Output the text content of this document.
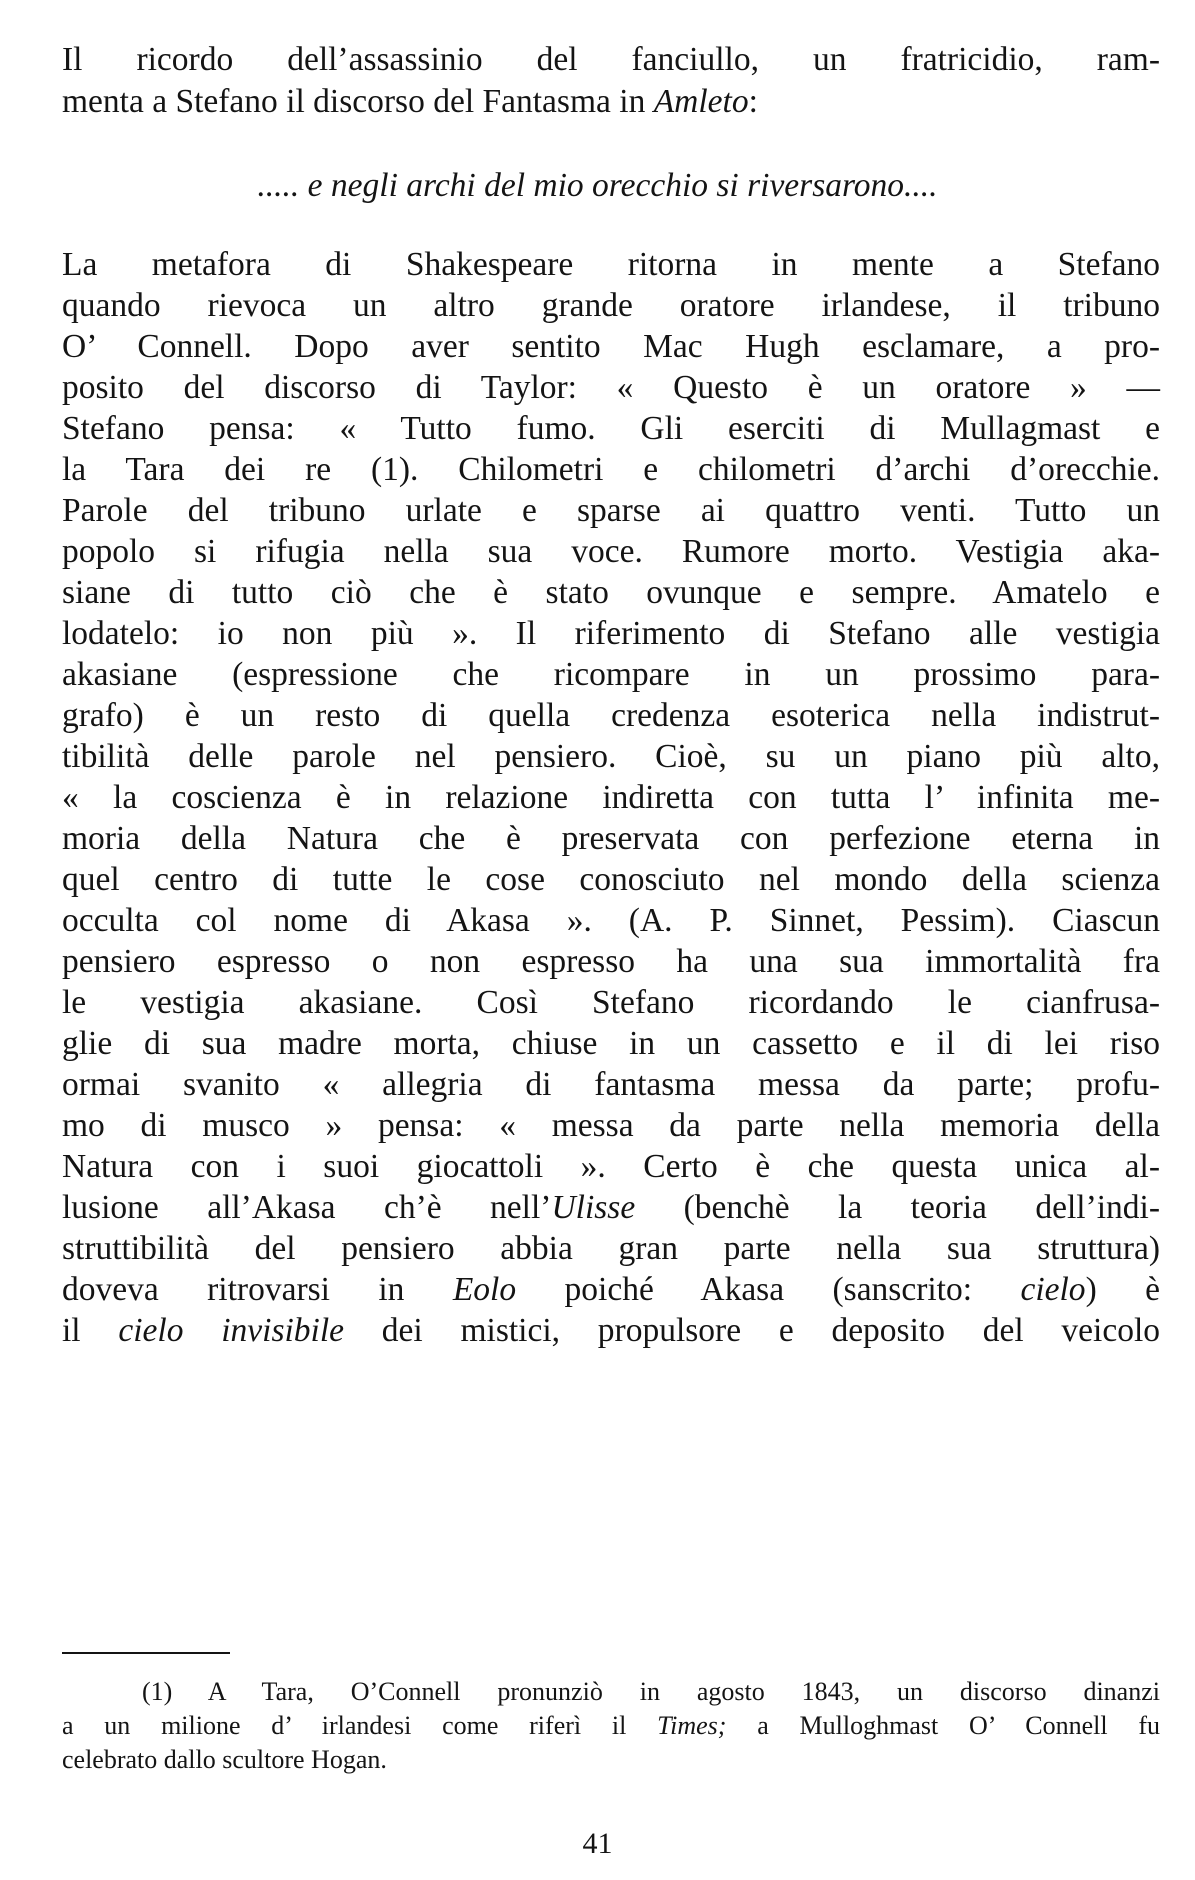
Il ricordo dell’assassinio del fanciullo, un fratricidio, ram-
menta a Stefano il discorso del Fantasma in Amleto:
..... e negli archi del mio orecchio si riversarono....
La metafora di Shakespeare ritorna in mente a Stefano
quando rievoca un altro grande oratore irlandese, il tribuno
O’ Connell. Dopo aver sentito Mac Hugh esclamare, a pro-
posito del discorso di Taylor: « Questo è un oratore » —
Stefano pensa: « Tutto fumo. Gli eserciti di Mullagmast e
la Tara dei re (1). Chilometri e chilometri d’archi d’orecchie.
Parole del tribuno urlate e sparse ai quattro venti. Tutto un
popolo si rifugia nella sua voce. Rumore morto. Vestigia aka-
siane di tutto ciò che è stato ovunque e sempre. Amatelo e
lodatelo: io non più ». Il riferimento di Stefano alle vestigia
akasiane (espressione che ricompare in un prossimo para-
grafo) è un resto di quella credenza esoterica nella indistrut-
tibilità delle parole nel pensiero. Cioè, su un piano più alto,
« la coscienza è in relazione indiretta con tutta l’ infinita me-
moria della Natura che è preservata con perfezione eterna in
quel centro di tutte le cose conosciuto nel mondo della scienza
occulta col nome di Akasa ». (A. P. Sinnet, Pessim). Ciascun
pensiero espresso o non espresso ha una sua immortalità fra
le vestigia akasiane. Così Stefano ricordando le cianfrusa-
glie di sua madre morta, chiuse in un cassetto e il di lei riso
ormai svanito « allegria di fantasma messa da parte; profu-
mo di musco » pensa: « messa da parte nella memoria della
Natura con i suoi giocattoli ». Certo è che questa unica al-
lusione all’Akasa ch’è nell’Ulisse (benchè la teoria dell’indi-
struttibilità del pensiero abbia gran parte nella sua struttura)
doveva ritrovarsi in Eolo poiché Akasa (sanscrito: cielo) è
il cielo invisibile dei mistici, propulsore e deposito del veicolo
(1) A Tara, O’Connell pronunziò in agosto 1843, un discorso dinanzi
a un milione d’ irlandesi come riferì il Times; a Mulloghmast O’ Connell fu
celebrato dallo scultore Hogan.
41
